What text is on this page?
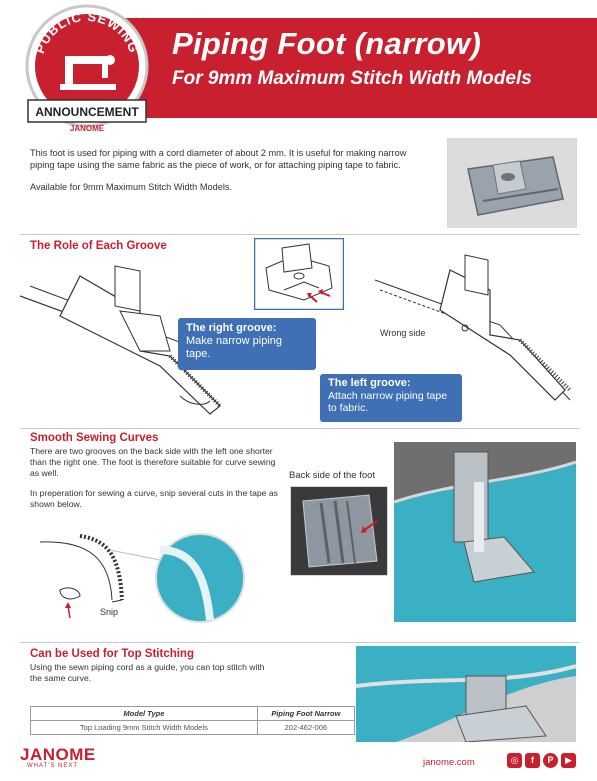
Piping Foot (narrow)
For 9mm Maximum Stitch Width Models
PUBLIC SEWING
ANNOUNCEMENT
JANOME

This foot is used for piping with a cord diameter of about 2 mm. It is useful for making narrow piping tape using the same fabric as the piece of work, or for attaching piping tape to fabric.

Available for 9mm Maximum Stitch Width Models.

The Role of Each Groove
The right groove:
Make narrow piping tape.
Wrong side
The left groove:
Attach narrow piping tape to fabric.
Smooth Sewing Curves
There are two grooves on the back side with the left one shorter than the right one. The foot is therefore suitable for curve sewing as well.
In preperation for sewing a curve, snip several cuts in the tape as shown below.
Back side of the foot
Snip
Can be Used for Top Stitching
Using the sewn piping cord as a guide, you can top stitch with the same curve.
Model Type	Piping Foot Narrow
Top Loading 9mm Stitch Width Models	202-462-006
JANOME
WHAT'S NEXT	janome.com	◎	f	P	▶
